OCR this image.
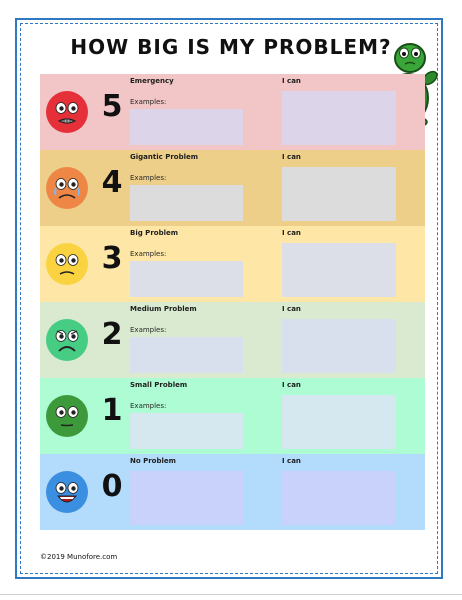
HOW BIG IS MY PROBLEM?
5
Emergency	I can
Examples:
4
Gigantic Problem	I can
Examples:
3
Big Problem	I can
Examples:
2
Medium Problem	I can
Examples:
1
Small Problem	I can
Examples:
0
No Problem	I can
©2019 Munofore.com
